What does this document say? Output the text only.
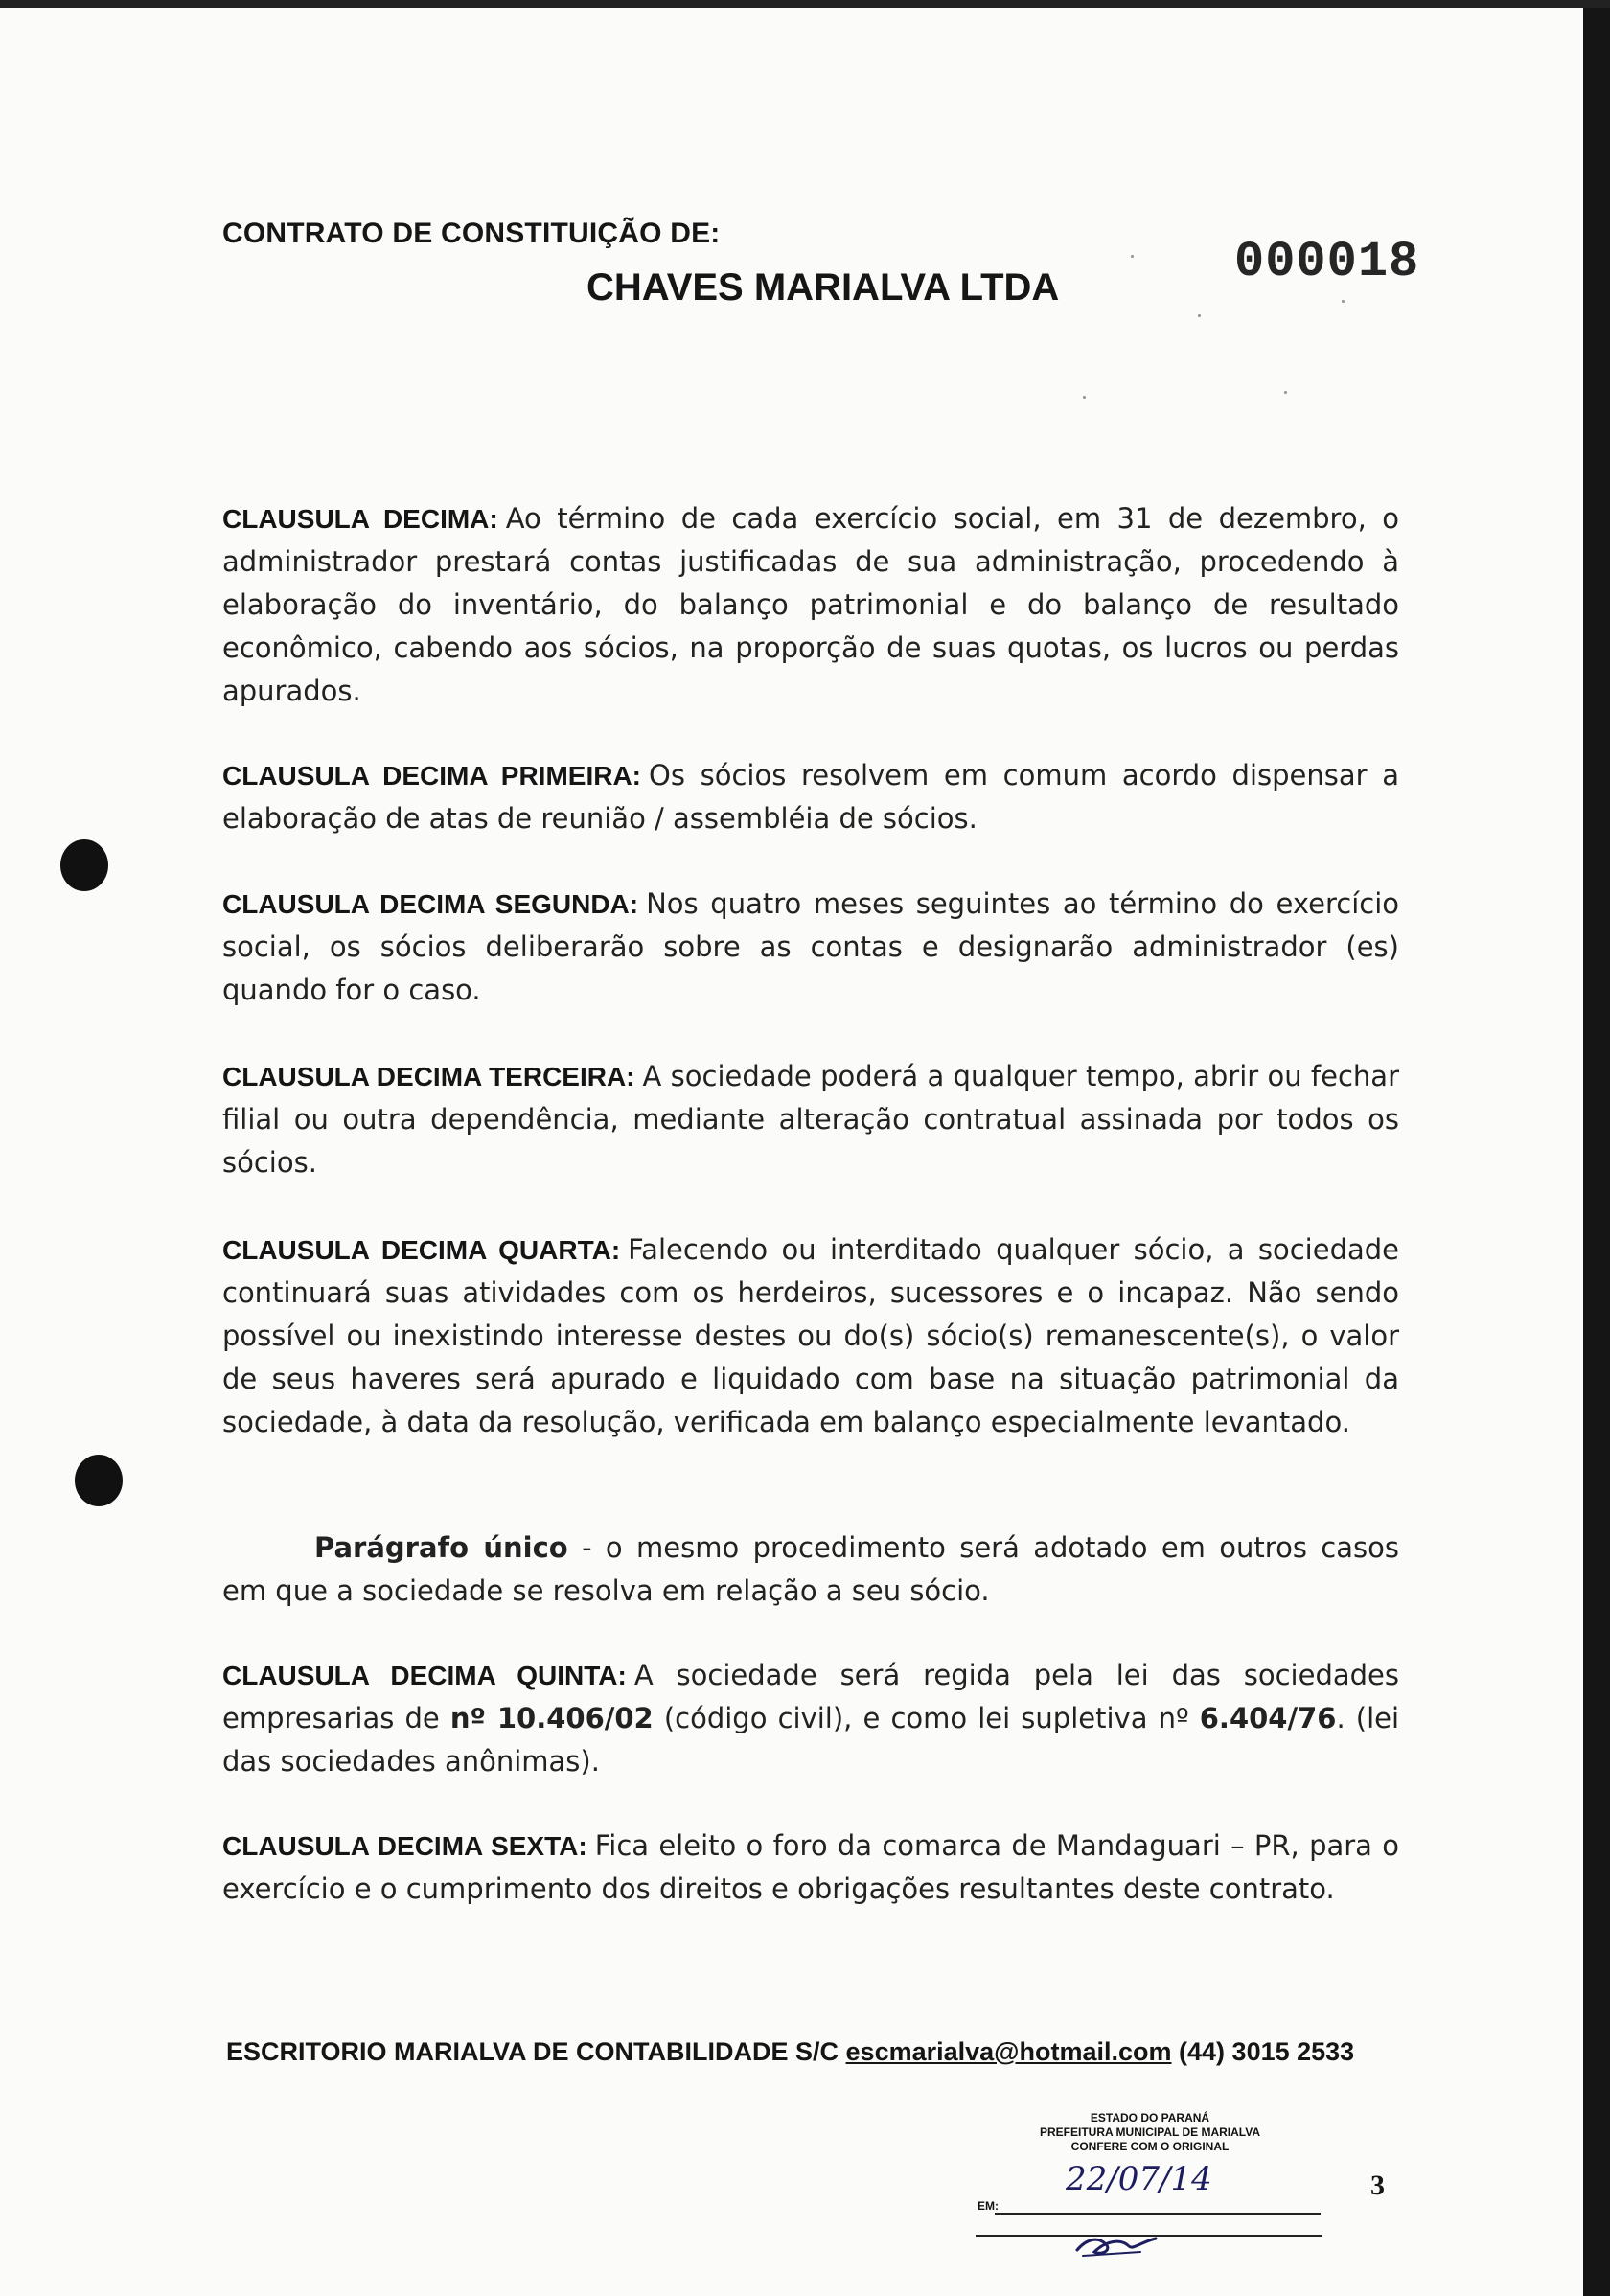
CONTRATO DE CONSTITUIÇÃO DE:
CHAVES MARIALVA LTDA	000018
CLAUSULA DECIMA: Ao término de cada exercício social, em 31 de dezembro, o administrador prestará contas justificadas de sua administração, procedendo à elaboração do inventário, do balanço patrimonial e do balanço de resultado econômico, cabendo aos sócios, na proporção de suas quotas, os lucros ou perdas apurados.
CLAUSULA DECIMA PRIMEIRA: Os sócios resolvem em comum acordo dispensar a elaboração de atas de reunião / assembléia de sócios.
CLAUSULA DECIMA SEGUNDA: Nos quatro meses seguintes ao término do exercício social, os sócios deliberarão sobre as contas e designarão administrador (es) quando for o caso.
CLAUSULA DECIMA TERCEIRA: A sociedade poderá a qualquer tempo, abrir ou fechar filial ou outra dependência, mediante alteração contratual assinada por todos os sócios.
CLAUSULA DECIMA QUARTA: Falecendo ou interditado qualquer sócio, a sociedade continuará suas atividades com os herdeiros, sucessores e o incapaz. Não sendo possível ou inexistindo interesse destes ou do(s) sócio(s) remanescente(s), o valor de seus haveres será apurado e liquidado com base na situação patrimonial da sociedade, à data da resolução, verificada em balanço especialmente levantado.
Parágrafo único - o mesmo procedimento será adotado em outros casos em que a sociedade se resolva em relação a seu sócio.
CLAUSULA DECIMA QUINTA: A sociedade será regida pela lei das sociedades empresarias de nº 10.406/02 (código civil), e como lei supletiva nº 6.404/76. (lei das sociedades anônimas).
CLAUSULA DECIMA SEXTA: Fica eleito o foro da comarca de Mandaguari – PR, para o exercício e o cumprimento dos direitos e obrigações resultantes deste contrato.
ESCRITORIO MARIALVA DE CONTABILIDADE S/C escmarialva@hotmail.com (44) 3015 2533
ESTADO DO PARANÁ
PREFEITURA MUNICIPAL DE MARIALVA
CONFERE COM O ORIGINAL
EM:
22/07/14	3
